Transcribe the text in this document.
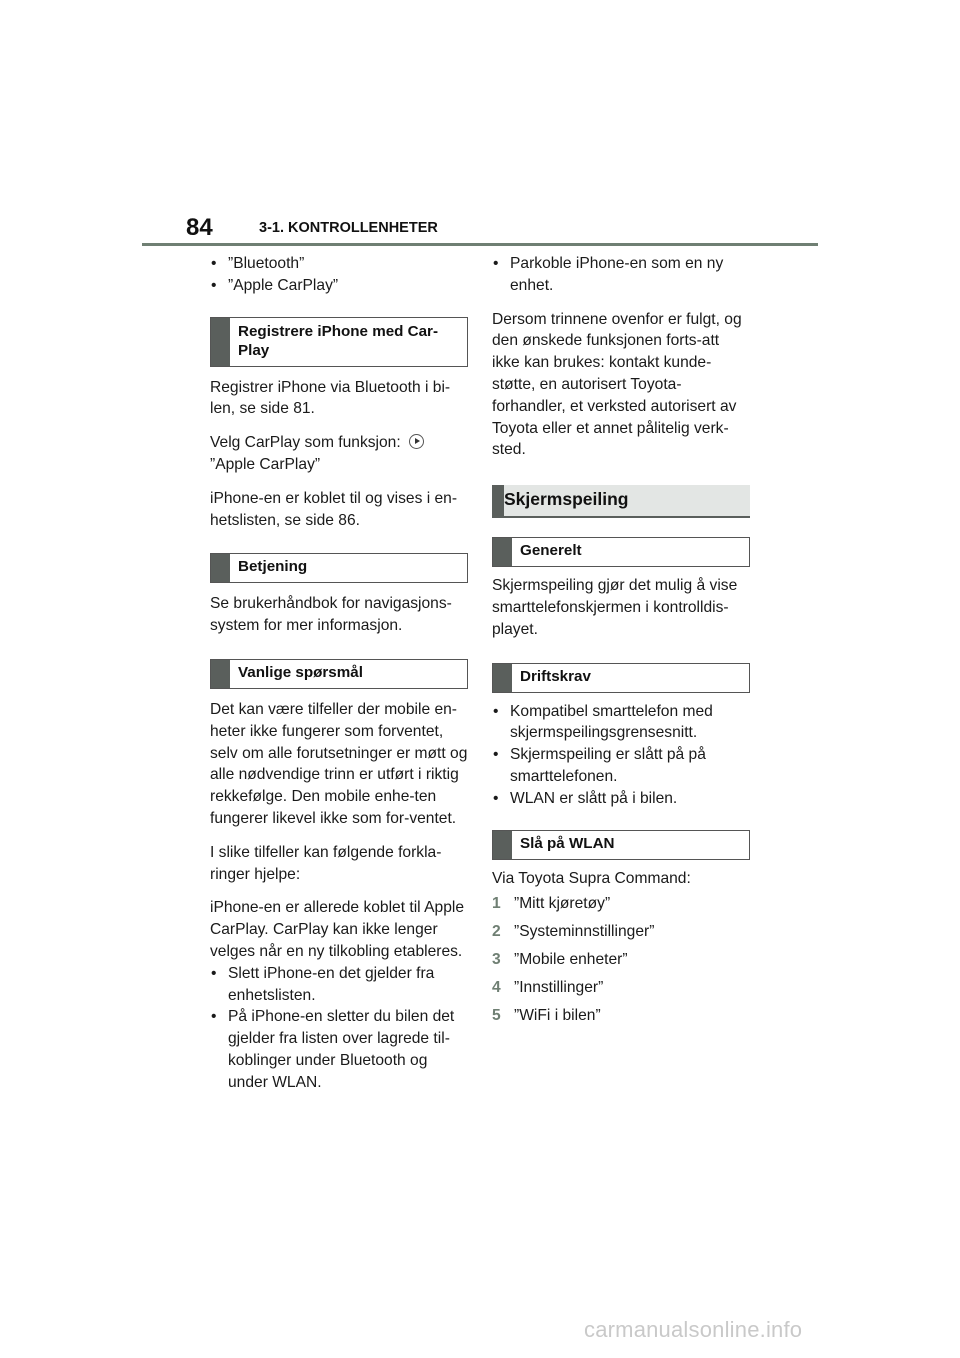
84	3-1. KONTROLLENHETER

• ”Bluetooth”

• ”Apple CarPlay”

Registrere iPhone med Car-Play

Registrer iPhone via Bluetooth i bi-len, se side 81.

Velg CarPlay som funksjon:

”Apple CarPlay”

iPhone-en er koblet til og vises i en-hetslisten, se side 86.

Betjening

Se brukerhåndbok for navigasjons-system for mer informasjon.

Vanlige spørsmål

Det kan være tilfeller der mobile en-heter ikke fungerer som forventet, selv om alle forutsetninger er møtt og alle nødvendige trinn er utført i riktig rekkefølge. Den mobile enhe-ten fungerer likevel ikke som for-ventet.

I slike tilfeller kan følgende forkla-ringer hjelpe:

iPhone-en er allerede koblet til Apple CarPlay. CarPlay kan ikke lenger velges når en ny tilkobling etableres.

• Slett iPhone-en det gjelder fra enhetslisten.

• På iPhone-en sletter du bilen det gjelder fra listen over lagrede til-koblinger under Bluetooth og under WLAN.

• Parkoble iPhone-en som en ny enhet.

Dersom trinnene ovenfor er fulgt, og den ønskede funksjonen forts-att ikke kan brukes: kontakt kunde-støtte, en autorisert Toyota-forhandler, et verksted autorisert av Toyota eller et annet pålitelig verk-sted.

Skjermspeiling
Generelt

Skjermspeiling gjør det mulig å vise smarttelefonskjermen i kontrolldis-playet.

Driftskrav

• Kompatibel smarttelefon med skjermspeilingsgrensesnitt.

• Skjermspeiling er slått på på smarttelefonen.

• WLAN er slått på i bilen.

Slå på WLAN

Via Toyota Supra Command:

1 ”Mitt kjøretøy”

2 ”Systeminnstillinger”

3 ”Mobile enheter”

4 ”Innstillinger”

5 ”WiFi i bilen”

carmanualsonline.info
